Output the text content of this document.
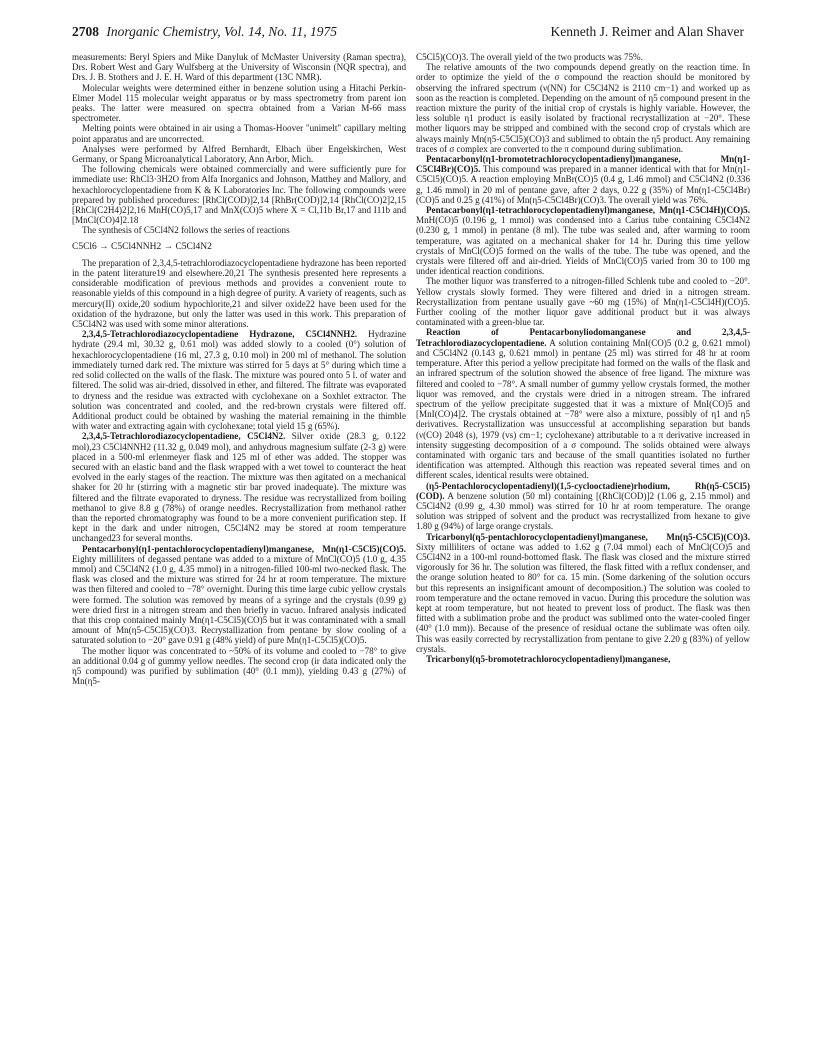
2708 Inorganic Chemistry, Vol. 14, No. 11, 1975	Kenneth J. Reimer and Alan Shaver

measurements: Beryl Spiers and Mike Danyluk of McMaster University (Raman spectra), Drs. Robert West and Gary Wulfsberg at the University of Wisconsin (NQR spectra), and Drs. J. B. Stothers and J. E. H. Ward of this department (13C NMR).

Molecular weights were determined either in benzene solution using a Hitachi Perkin-Elmer Model 115 molecular weight apparatus or by mass spectrometry from parent ion peaks. The latter were measured on spectra obtained from a Varian M-66 mass spectrometer.

Melting points were obtained in air using a Thomas-Hoover "unimelt" capillary melting point apparatus and are uncorrected.

Analyses were performed by Alfred Bernhardt, Elbach über Engelskirchen, West Germany, or Spang Microanalytical Laboratory, Ann Arbor, Mich.

The following chemicals were obtained commercially and were sufficiently pure for immediate use: RhCl3·3H2O from Alfa Inorganics and Johnson, Matthey and Mallory, and hexachlorocyclopentadiene from K & K Laboratories Inc. The following compounds were prepared by published procedures: [RhCl(COD)]2,14 [RhBr(COD)]2,14 [RhCl(CO)2]2,15 [RhCl(C2H4)2]2,16 MnH(CO)5,17 and MnX(CO)5 where X = Cl,11b Br,17 and I11b and [MnCl(CO)4]2.18

The synthesis of C5Cl4N2 follows the series of reactions

C5Cl6 → C5Cl4NNH2 → C5Cl4N2

The preparation of 2,3,4,5-tetrachlorodiazocyclopentadiene hydrazone has been reported in the patent literature19 and elsewhere.20,21 The synthesis presented here represents a considerable modification of previous methods and provides a convenient route to reasonable yields of this compound in a high degree of purity. A variety of reagents, such as mercury(II) oxide,20 sodium hypochlorite,21 and silver oxide22 have been used for the oxidation of the hydrazone, but only the latter was used in this work. This preparation of C5Cl4N2 was used with some minor alterations.

2,3,4,5-Tetrachlorodiazocyclopentadiene Hydrazone, C5Cl4NNH2. Hydrazine hydrate (29.4 ml, 30.32 g, 0.61 mol) was added slowly to a cooled (0°) solution of hexachlorocyclopentadiene (16 ml, 27.3 g, 0.10 mol) in 200 ml of methanol. The solution immediately turned dark red. The mixture was stirred for 5 days at 5° during which time a red solid collected on the walls of the flask. The mixture was poured onto 5 l. of water and filtered. The solid was air-dried, dissolved in ether, and filtered. The filtrate was evaporated to dryness and the residue was extracted with cyclohexane on a Soxhlet extractor. The solution was concentrated and cooled, and the red-brown crystals were filtered off. Additional product could be obtained by washing the material remaining in the thimble with water and extracting again with cyclohexane; total yield 15 g (65%).

2,3,4,5-Tetrachlorodiazocyclopentadiene, C5Cl4N2. Silver oxide (28.3 g, 0.122 mol),23 C5Cl4NNH2 (11.32 g, 0.049 mol), and anhydrous magnesium sulfate (2-3 g) were placed in a 500-ml erlenmeyer flask and 125 ml of ether was added. The stopper was secured with an elastic band and the flask wrapped with a wet towel to counteract the heat evolved in the early stages of the reaction. The mixture was then agitated on a mechanical shaker for 20 hr (stirring with a magnetic stir bar proved inadequate). The mixture was filtered and the filtrate evaporated to dryness. The residue was recrystallized from boiling methanol to give 8.8 g (78%) of orange needles. Recrystallization from methanol rather than the reported chromatography was found to be a more convenient purification step. If kept in the dark and under nitrogen, C5Cl4N2 may be stored at room temperature unchanged23 for several months.

Pentacarbonyl(η1-pentachlorocyclopentadienyl)manganese, Mn(η1-C5Cl5)(CO)5. Eighty milliliters of degassed pentane was added to a mixture of MnCl(CO)5 (1.0 g, 4.35 mmol) and C5Cl4N2 (1.0 g, 4.35 mmol) in a nitrogen-filled 100-ml two-necked flask. The flask was closed and the mixture was stirred for 24 hr at room temperature. The mixture was then filtered and cooled to −78° overnight. During this time large cubic yellow crystals were formed. The solution was removed by means of a syringe and the crystals (0.99 g) were dried first in a nitrogen stream and then briefly in vacuo. Infrared analysis indicated that this crop contained mainly Mn(η1-C5Cl5)(CO)5 but it was contaminated with a small amount of Mn(η5-C5Cl5)(CO)3. Recrystallization from pentane by slow cooling of a saturated solution to −20° gave 0.91 g (48% yield) of pure Mn(η1-C5Cl5)(CO)5.

The mother liquor was concentrated to ~50% of its volume and cooled to −78° to give an additional 0.04 g of gummy yellow needles. The second crop (ir data indicated only the η5 compound) was purified by sublimation (40° (0.1 mm)), yielding 0.43 g (27%) of Mn(η5-

C5Cl5)(CO)3. The overall yield of the two products was 75%.

The relative amounts of the two compounds depend greatly on the reaction time. In order to optimize the yield of the σ compound the reaction should be monitored by observing the infrared spectrum (ν(NN) for C5Cl4N2 is 2110 cm−1) and worked up as soon as the reaction is completed. Depending on the amount of η5 compound present in the reaction mixture the purity of the initial crop of crystals is highly variable. However, the less soluble η1 product is easily isolated by fractional recrystallization at −20°. These mother liquors may be stripped and combined with the second crop of crystals which are always mainly Mn(η5-C5Cl5)(CO)3 and sublimed to obtain the η5 product. Any remaining traces of σ complex are converted to the π compound during sublimation.

Pentacarbonyl(η1-bromotetrachlorocyclopentadienyl)manganese, Mn(η1-C5Cl4Br)(CO)5. This compound was prepared in a manner identical with that for Mn(η1-C5Cl5)(CO)5. A reaction employing MnBr(CO)5 (0.4 g, 1.46 mmol) and C5Cl4N2 (0.336 g, 1.46 mmol) in 20 ml of pentane gave, after 2 days, 0.22 g (35%) of Mn(η1-C5Cl4Br)(CO)5 and 0.25 g (41%) of Mn(η5-C5Cl4Br)(CO)3. The overall yield was 76%.

Pentacarbonyl(η1-tetrachlorocyclopentadienyl)manganese, Mn(η1-C5Cl4H)(CO)5. MnH(CO)5 (0.196 g, 1 mmol) was condensed into a Carius tube containing C5Cl4N2 (0.230 g, 1 mmol) in pentane (8 ml). The tube was sealed and, after warming to room temperature, was agitated on a mechanical shaker for 14 hr. During this time yellow crystals of MnCl(CO)5 formed on the walls of the tube. The tube was opened, and the crystals were filtered off and air-dried. Yields of MnCl(CO)5 varied from 30 to 100 mg under identical reaction conditions.

The mother liquor was transferred to a nitrogen-filled Schlenk tube and cooled to −20°. Yellow crystals slowly formed. They were filtered and dried in a nitrogen stream. Recrystallization from pentane usually gave ~60 mg (15%) of Mn(η1-C5Cl4H)(CO)5. Further cooling of the mother liquor gave additional product but it was always contaminated with a green-blue tar.

Reaction of Pentacarbonyliodomanganese and 2,3,4,5-Tetrachlorodiazocyclopentadiene. A solution containing MnI(CO)5 (0.2 g, 0.621 mmol) and C5Cl4N2 (0.143 g, 0.621 mmol) in pentane (25 ml) was stirred for 48 hr at room temperature. After this period a yellow precipitate had formed on the walls of the flask and an infrared spectrum of the solution showed the absence of free ligand. The mixture was filtered and cooled to −78°. A small number of gummy yellow crystals formed, the mother liquor was removed, and the crystals were dried in a nitrogen stream. The infrared spectrum of the yellow precipitate suggested that it was a mixture of MnI(CO)5 and [MnI(CO)4]2. The crystals obtained at −78° were also a mixture, possibly of η1 and η5 derivatives. Recrystallization was unsuccessful at accomplishing separation but bands (ν(CO) 2048 (s), 1979 (vs) cm−1; cyclohexane) attributable to a π derivative increased in intensity suggesting decomposition of a σ compound. The solids obtained were always contaminated with organic tars and because of the small quantities isolated no further identification was attempted. Although this reaction was repeated several times and on different scales, identical results were obtained.

(η5-Pentachlorocyclopentadienyl)(1,5-cyclooctadiene)rhodium, Rh(η5-C5Cl5)(COD). A benzene solution (50 ml) containing [(RhCl(COD)]2 (1.06 g, 2.15 mmol) and C5Cl4N2 (0.99 g, 4.30 mmol) was stirred for 10 hr at room temperature. The orange solution was stripped of solvent and the product was recrystallized from hexane to give 1.80 g (94%) of large orange crystals.

Tricarbonyl(η5-pentachlorocyclopentadienyl)manganese, Mn(η5-C5Cl5)(CO)3. Sixty milliliters of octane was added to 1.62 g (7.04 mmol) each of MnCl(CO)5 and C5Cl4N2 in a 100-ml round-bottomed flask. The flask was closed and the mixture stirred vigorously for 36 hr. The solution was filtered, the flask fitted with a reflux condenser, and the orange solution heated to 80° for ca. 15 min. (Some darkening of the solution occurs but this represents an insignificant amount of decomposition.) The solution was cooled to room temperature and the octane removed in vacuo. During this procedure the solution was kept at room temperature, but not heated to prevent loss of product. The flask was then fitted with a sublimation probe and the product was sublimed onto the water-cooled finger (40° (1.0 mm)). Because of the presence of residual octane the sublimate was often oily. This was easily corrected by recrystallization from pentane to give 2.20 g (83%) of yellow crystals.

Tricarbonyl(η5-bromotetrachlorocyclopentadienyl)manganese,
